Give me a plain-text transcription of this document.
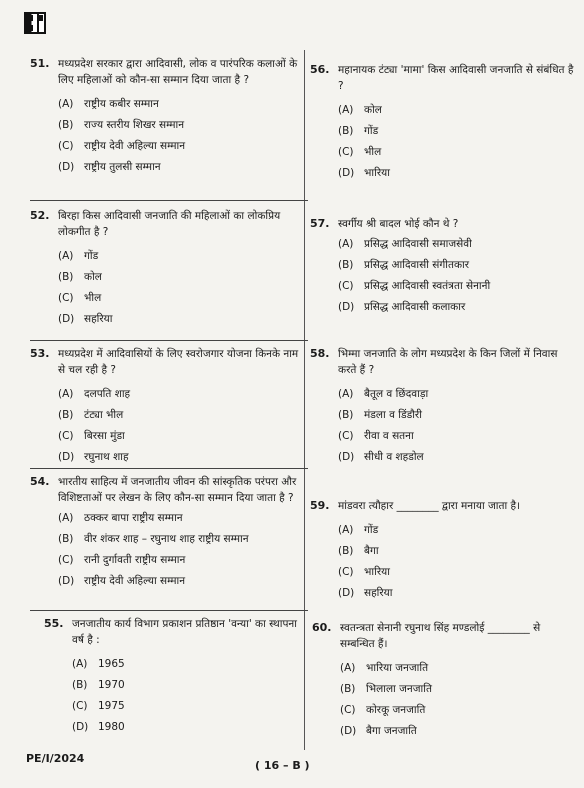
51. मध्यप्रदेश सरकार द्वारा आदिवासी, लोक व पारंपरिक कलाओं के लिए महिलाओं को कौन-सा सम्मान दिया जाता है ?
(A) राष्ट्रीय कबीर सम्मान
(B) राज्य स्तरीय शिखर सम्मान
(C) राष्ट्रीय देवी अहिल्या सम्मान
(D) राष्ट्रीय तुलसी सम्मान
52. बिरहा किस आदिवासी जनजाति की महिलाओं का लोकप्रिय लोकगीत है ?
(A) गोंड
(B) कोल
(C) भील
(D) सहरिया
53. मध्यप्रदेश में आदिवासियों के लिए स्वरोजगार योजना किनके नाम से चल रही है ?
(A) दलपति शाह
(B) टंट्या भील
(C) बिरसा मुंडा
(D) रघुनाथ शाह
54. भारतीय साहित्य में जनजातीय जीवन की सांस्कृतिक परंपरा और विशिष्टताओं पर लेखन के लिए कौन-सा सम्मान दिया जाता है ?
(A) ठक्कर बापा राष्ट्रीय सम्मान
(B) वीर शंकर शाह – रघुनाथ शाह राष्ट्रीय सम्मान
(C) रानी दुर्गावती राष्ट्रीय सम्मान
(D) राष्ट्रीय देवी अहिल्या सम्मान
55. जनजातीय कार्य विभाग प्रकाशन प्रतिष्ठान 'वन्या' का स्थापना वर्ष है :
(A) 1965
(B) 1970
(C) 1975
(D) 1980
56. महानायक टंट्या 'मामा' किस आदिवासी जनजाति से संबंधित है ?
(A) कोल
(B) गोंड
(C) भील
(D) भारिया
57. स्वर्गीय श्री बादल भोई कौन थे ?
(A) प्रसिद्ध आदिवासी समाजसेवी
(B) प्रसिद्ध आदिवासी संगीतकार
(C) प्रसिद्ध आदिवासी स्वतंत्रता सेनानी
(D) प्रसिद्ध आदिवासी कलाकार
58. भिम्मा जनजाति के लोग मध्यप्रदेश के किन जिलों में निवास करते हैं ?
(A) बैतूल व छिंदवाड़ा
(B) मंडला व डिंडौरी
(C) रीवा व सतना
(D) सीधी व शहडोल
59. मांडवरा त्यौहार ________ द्वारा मनाया जाता है।
(A) गोंड
(B) बैगा
(C) भारिया
(D) सहरिया
60. स्वतन्त्रता सेनानी रघुनाथ सिंह मण्डलोई ________ से सम्बन्धित हैं।
(A) भारिया जनजाति
(B) भिलाला जनजाति
(C) कोरकू जनजाति
(D) बैगा जनजाति
PE/I/2024
( 16 – B )
